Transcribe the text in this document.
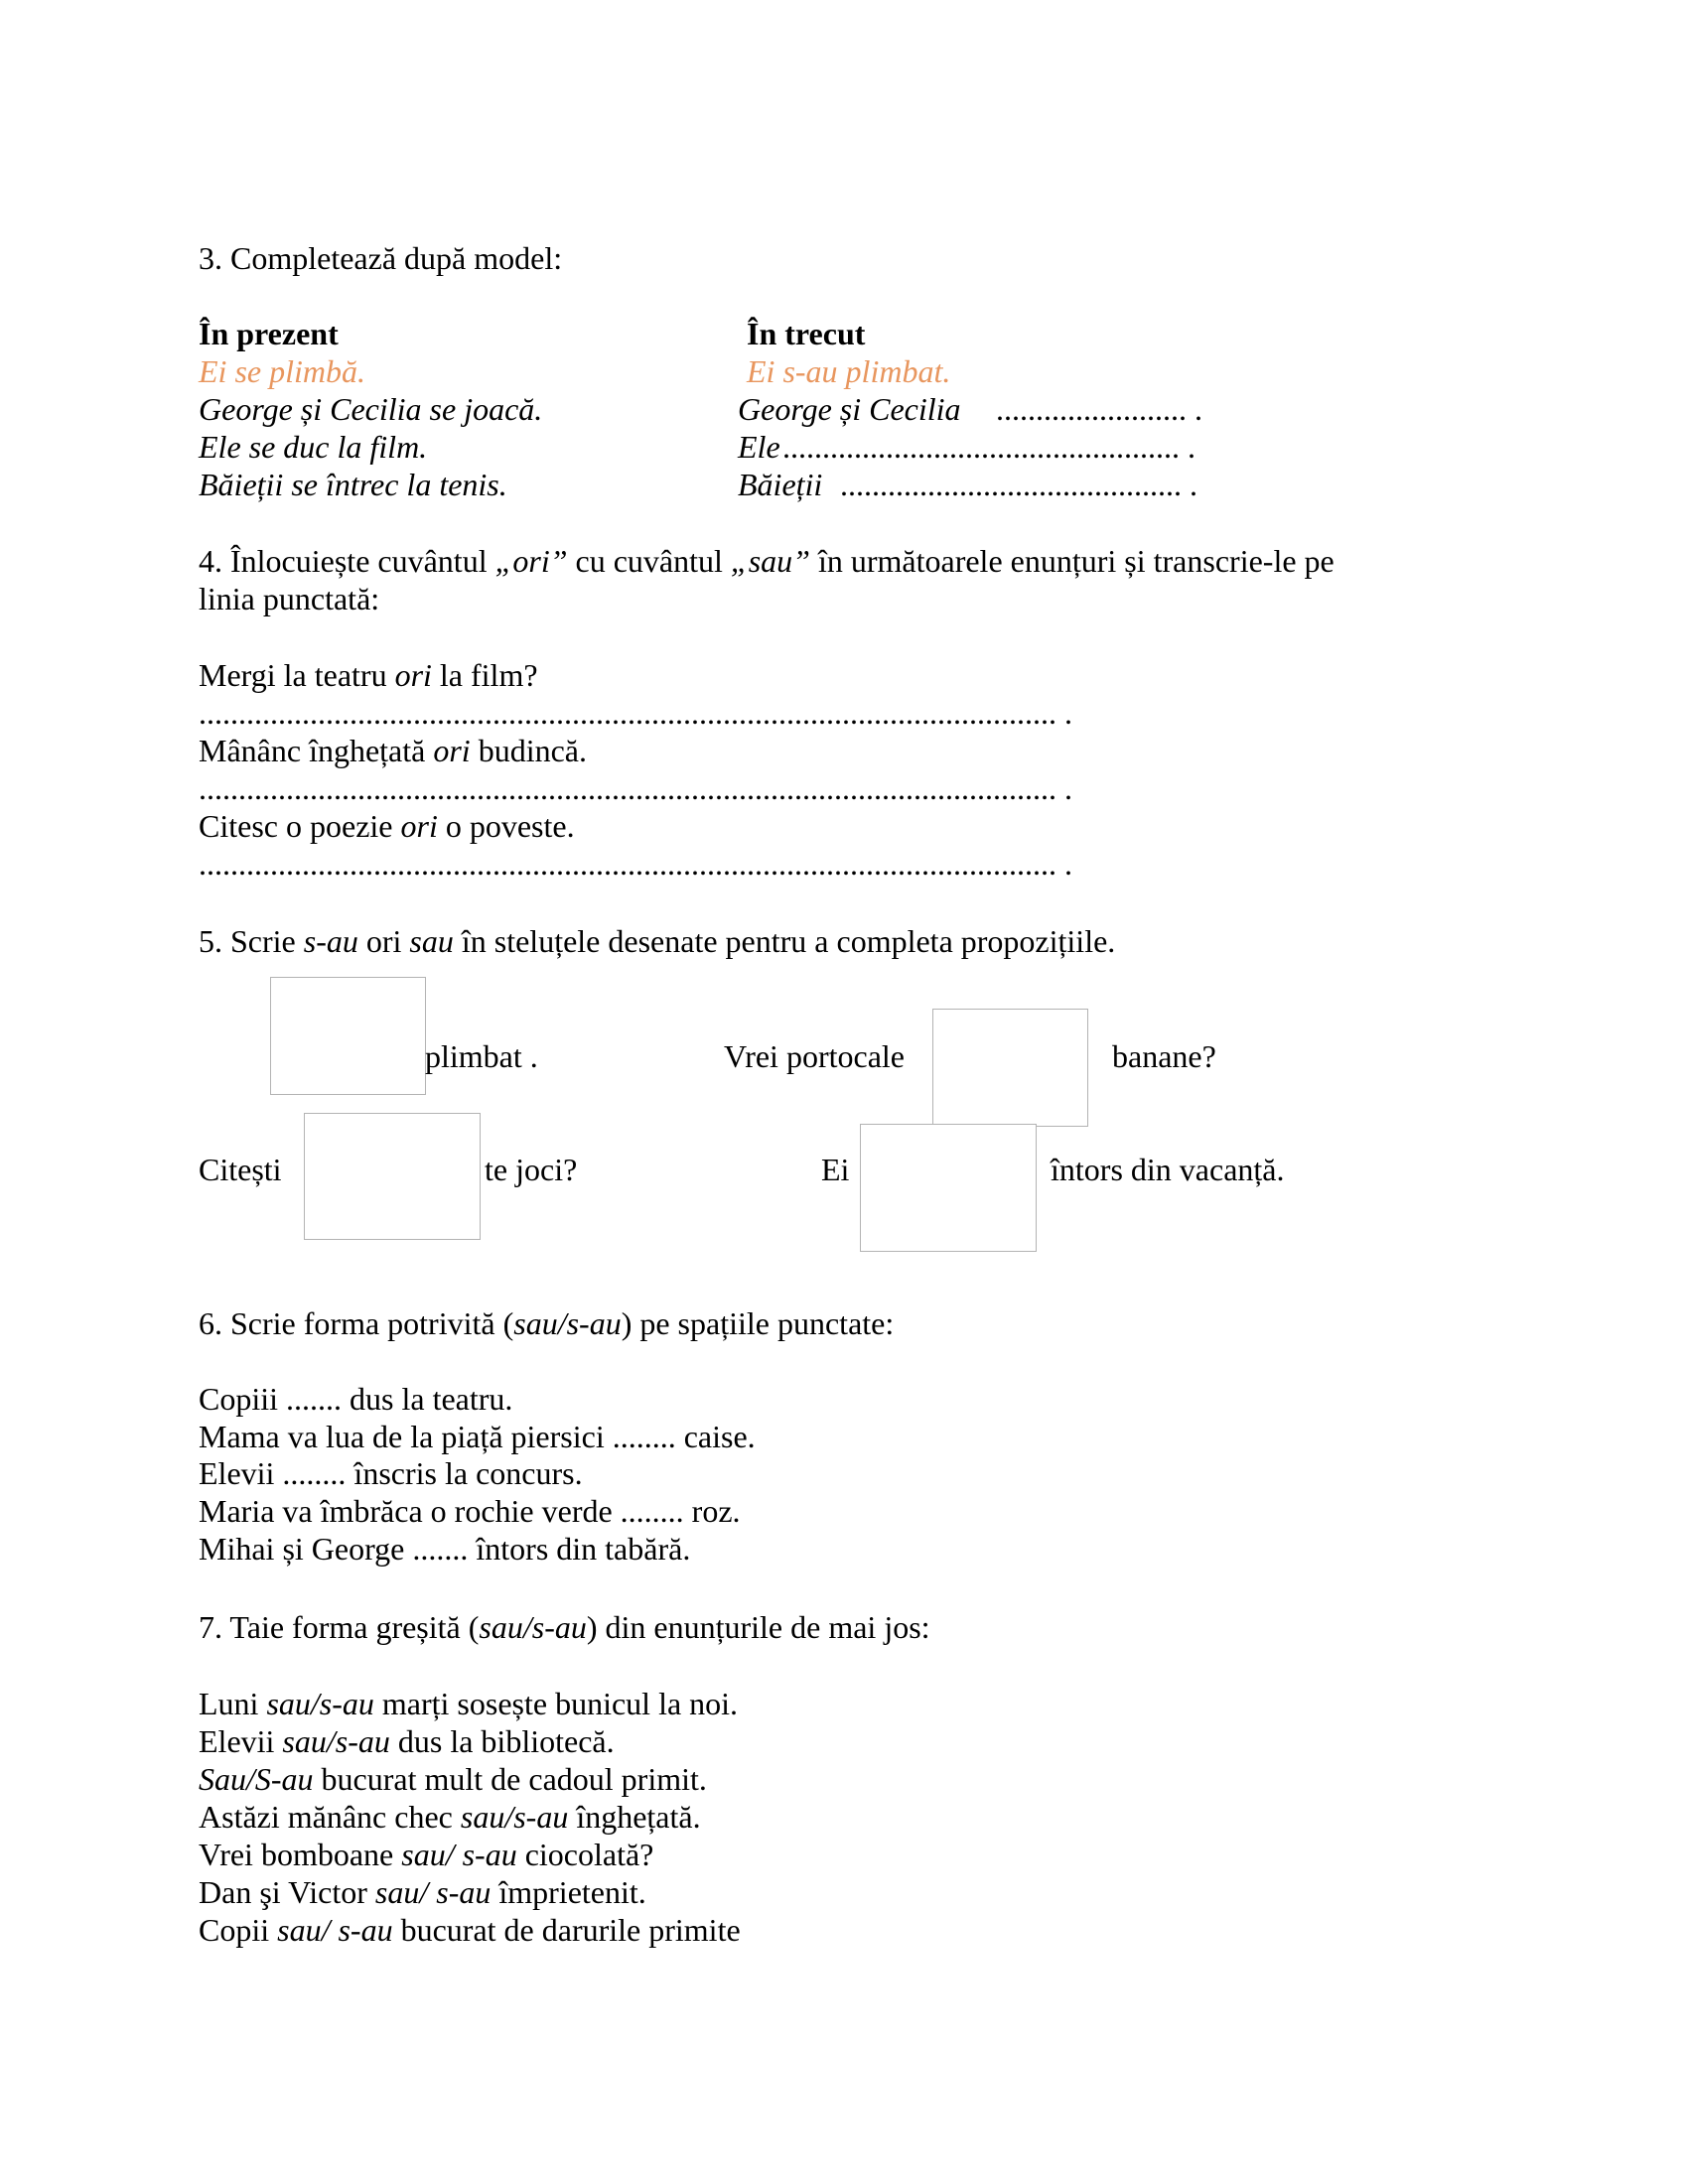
3. Completează după model:
În prezent	În trecut
Ei se plimbă.	Ei s-au plimbat.
George și Cecilia se joacă.	George și Cecilia ........................ .
Ele se duc la film.	Ele .................................................. .
Băieții se întrec la tenis.	Băieții ........................................... .
4. Înlocuiește cuvântul „ori” cu cuvântul „sau” în următoarele enunțuri și transcrie-le pe
linia punctată:
Mergi la teatru ori la film?
............................................................................................................ .
Mânânc înghețată ori budincă.
............................................................................................................ .
Citesc o poezie ori o poveste.
............................................................................................................ .
5. Scrie s-au ori sau în steluțele desenate pentru a completa propozițiile.
plimbat .	Vrei portocale	banane?
Citești	te joci?	Ei	întors din vacanță.
6. Scrie forma potrivită (sau/s-au) pe spațiile punctate:
Copiii ....... dus la teatru.
Mama va lua de la piață piersici ........ caise.
Elevii ........ înscris la concurs.
Maria va îmbrăca o rochie verde ........ roz.
Mihai și George ....... întors din tabără.
7. Taie forma greșită (sau/s-au) din enunțurile de mai jos:
Luni sau/s-au marți sosește bunicul la noi.
Elevii sau/s-au dus la bibliotecă.
Sau/S-au bucurat mult de cadoul primit.
Astăzi mănânc chec sau/s-au înghețată.
Vrei bomboane sau/ s-au ciocolată?
Dan şi Victor sau/ s-au împrietenit.
Copii sau/ s-au bucurat de darurile primite
